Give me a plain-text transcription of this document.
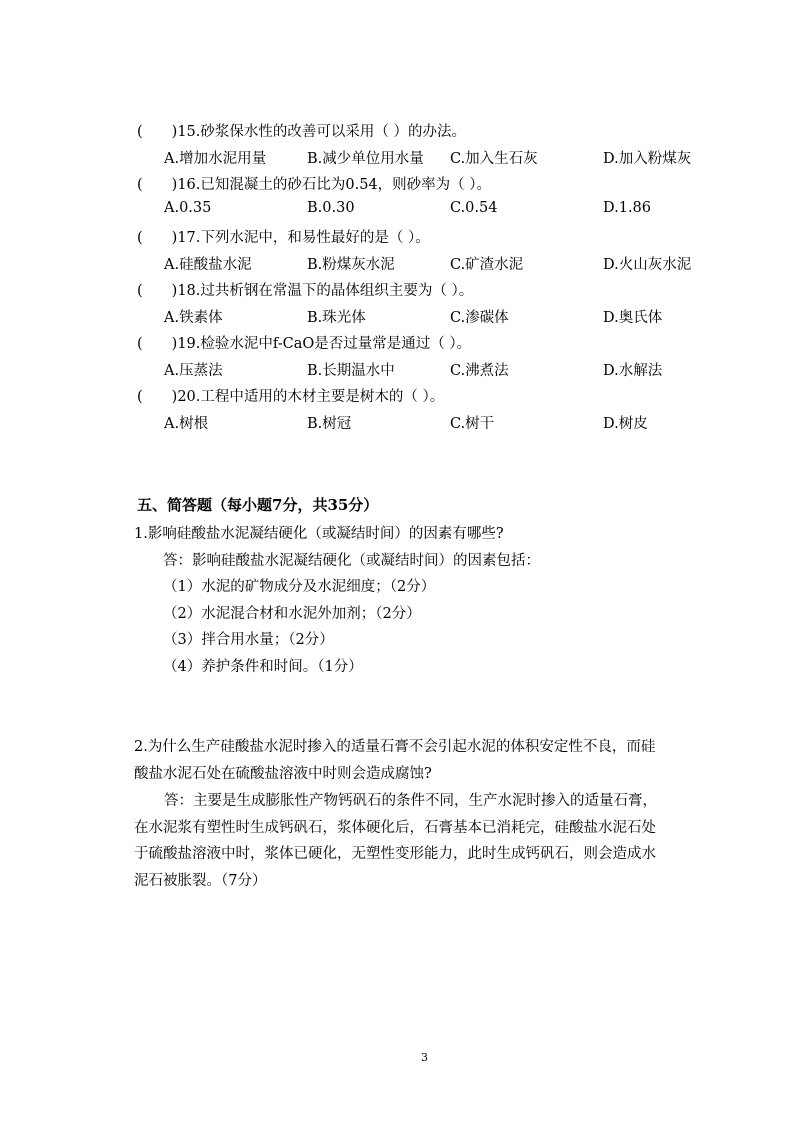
(　　)15.砂浆保水性的改善可以采用（ ）的办法。
A.增加水泥用量	B.减少单位用水量 C.加入生石灰	D.加入粉煤灰
(　　)16.已知混凝土的砂石比为0.54，则砂率为（ ）。
A.0.35	B.0.30	C.0.54	D.1.86
(　　)17.下列水泥中，和易性最好的是（ ）。
A.硅酸盐水泥	B.粉煤灰水泥	C.矿渣水泥	D.火山灰水泥
(　　)18.过共析钢在常温下的晶体组织主要为（ ）。
A.铁素体	B.珠光体	C.渗碳体	D.奥氏体
(　　)19.检验水泥中f-CaO是否过量常是通过（ ）。
A.压蒸法	B.长期温水中	C.沸煮法	D.水解法
(　　)20.工程中适用的木材主要是树木的（ ）。
A.树根	B.树冠	C.树干	D.树皮
五、简答题（每小题7分，共35分）
1.影响硅酸盐水泥凝结硬化（或凝结时间）的因素有哪些?
答：影响硅酸盐水泥凝结硬化（或凝结时间）的因素包括：
（1）水泥的矿物成分及水泥细度；（2分）
（2）水泥混合材和水泥外加剂；（2分）
（3）拌合用水量；（2分）
（4）养护条件和时间。（1分）
2.为什么生产硅酸盐水泥时掺入的适量石膏不会引起水泥的体积安定性不良，而硅
酸盐水泥石处在硫酸盐溶液中时则会造成腐蚀?
答：主要是生成膨胀性产物钙矾石的条件不同，生产水泥时掺入的适量石膏，
在水泥浆有塑性时生成钙矾石，浆体硬化后，石膏基本已消耗完，硅酸盐水泥石处
于硫酸盐溶液中时，浆体已硬化，无塑性变形能力，此时生成钙矾石，则会造成水
泥石被胀裂。（7分）
3
